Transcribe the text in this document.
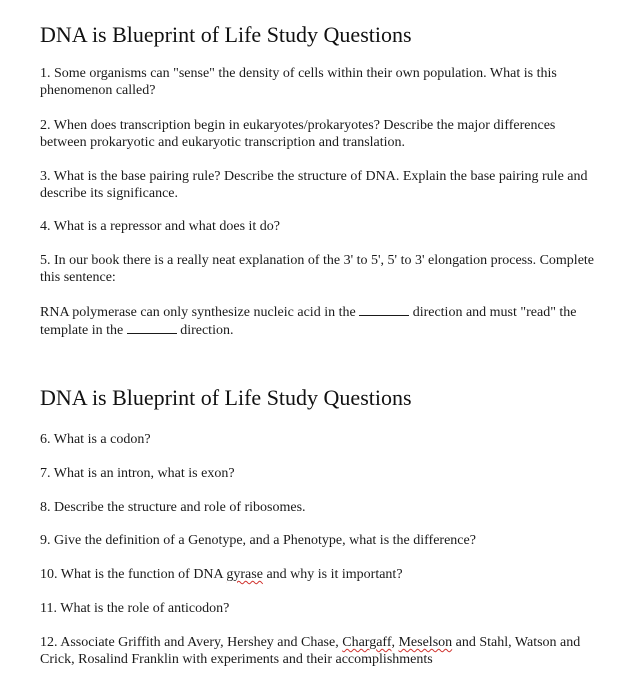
DNA is Blueprint of Life Study Questions

1. Some organisms can "sense" the density of cells within their own population. What is this phenomenon called?

2. When does transcription begin in eukaryotes/prokaryotes? Describe the major differences between prokaryotic and eukaryotic transcription and translation.

3. What is the base pairing rule? Describe the structure of DNA. Explain the base pairing rule and describe its significance.

4. What is a repressor and what does it do?

5. In our book there is a really neat explanation of the 3' to 5', 5' to 3' elongation process. Complete this sentence:

RNA polymerase can only synthesize nucleic acid in the	direction and must "read" the template in the	direction.

DNA is Blueprint of Life Study Questions

6. What is a codon?

7. What is an intron, what is exon?

8. Describe the structure and role of ribosomes.

9. Give the definition of a Genotype, and a Phenotype, what is the difference?

10. What is the function of DNA gyrase and why is it important?

11. What is the role of anticodon?

12. Associate Griffith and Avery, Hershey and Chase, Chargaff, Meselson and Stahl, Watson and Crick, Rosalind Franklin with experiments and their accomplishments
